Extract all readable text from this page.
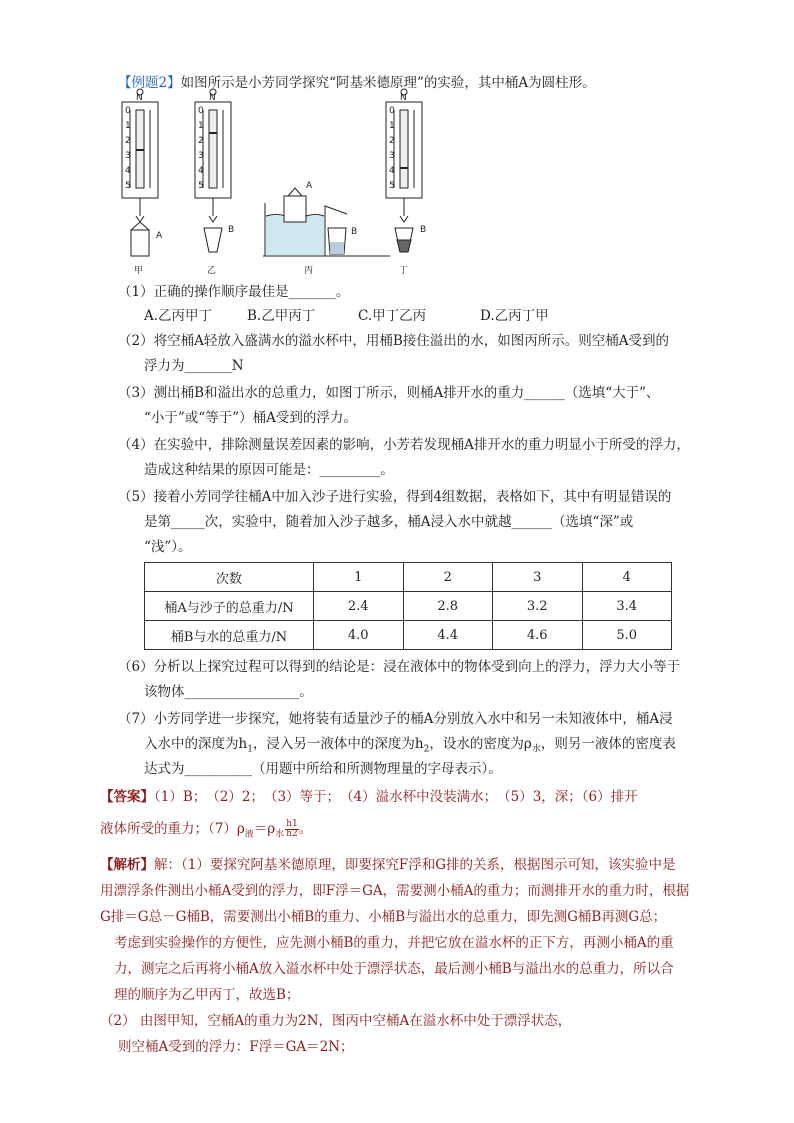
【例题2】如图所示是小芳同学探究“阿基米德原理”的实验，其中桶A为圆柱形。
0
1
2
3
4
5
N
A
甲
0
1
2
3
4
5
N
B
乙
A
B
丙
0
1
2
3
4
5
N
B
丁
（1）正确的操作顺序最佳是_______。
A.乙丙甲丁	B.乙甲丙丁	C.甲丁乙丙	D.乙丙丁甲
（2）将空桶A轻放入盛满水的溢水杯中，用桶B接住溢出的水，如图丙所示。则空桶A受到的
浮力为_______N
（3）测出桶B和溢出水的总重力，如图丁所示，则桶A排开水的重力______（选填“大于”、
“小于”或“等于”）桶A受到的浮力。
（4）在实验中，排除测量误差因素的影响，小芳若发现桶A排开水的重力明显小于所受的浮力，
造成这种结果的原因可能是：_________。
（5）接着小芳同学往桶A中加入沙子进行实验，得到4组数据，表格如下，其中有明显错误的
是第_____次，实验中，随着加入沙子越多，桶A浸入水中就越______（选填“深”或
“浅”）。
次数	1	2	3	4
桶A与沙子的总重力/N	2.4	2.8	3.2	3.4
桶B与水的总重力/N	4.0	4.4	4.6	5.0
（6）分析以上探究过程可以得到的结论是：浸在液体中的物体受到向上的浮力，浮力大小等于
该物体_________________。
（7）小芳同学进一步探究，她将装有适量沙子的桶A分别放入水中和另一未知液体中，桶A浸
入水中的深度为$h_1$，浸入另一液体中的深度为$h_2$，设水的密度为$\rho_水$，则另一液体的密度表
达式为__________（用题中所给和所测物理量的字母表示）。
【答案】（1）B；　（2）2；　（3）等于；　（4）溢水杯中没装满水；　（5）3，深；（6）排开
液体所受的重力；$(7)\rho_液=\rho_水 \frac{h1}{h2}$ 。
【解析】解：（1）要探究阿基米德原理，即要探究F浮和G排的关系，根据图示可知，该实验中是
用漂浮条件测出小桶A受到的浮力，即F浮＝GA，需要测小桶A的重力；而测排开水的重力时，根据
G排＝G总－G桶B，需要测出小桶B的重力、小桶B与溢出水的总重力，即先测G桶B再测G总；
考虑到实验操作的方便性，应先测小桶B的重力，并把它放在溢水杯的正下方，再测小桶A的重
力，测完之后再将小桶A放入溢水杯中处于漂浮状态，最后测小桶B与溢出水的总重力，所以合
理的顺序为乙甲丙丁，故选B；
（2） 由图甲知，空桶A的重力为2N，图丙中空桶A在溢水杯中处于漂浮状态，
则空桶A受到的浮力：F浮＝GA＝2N；
